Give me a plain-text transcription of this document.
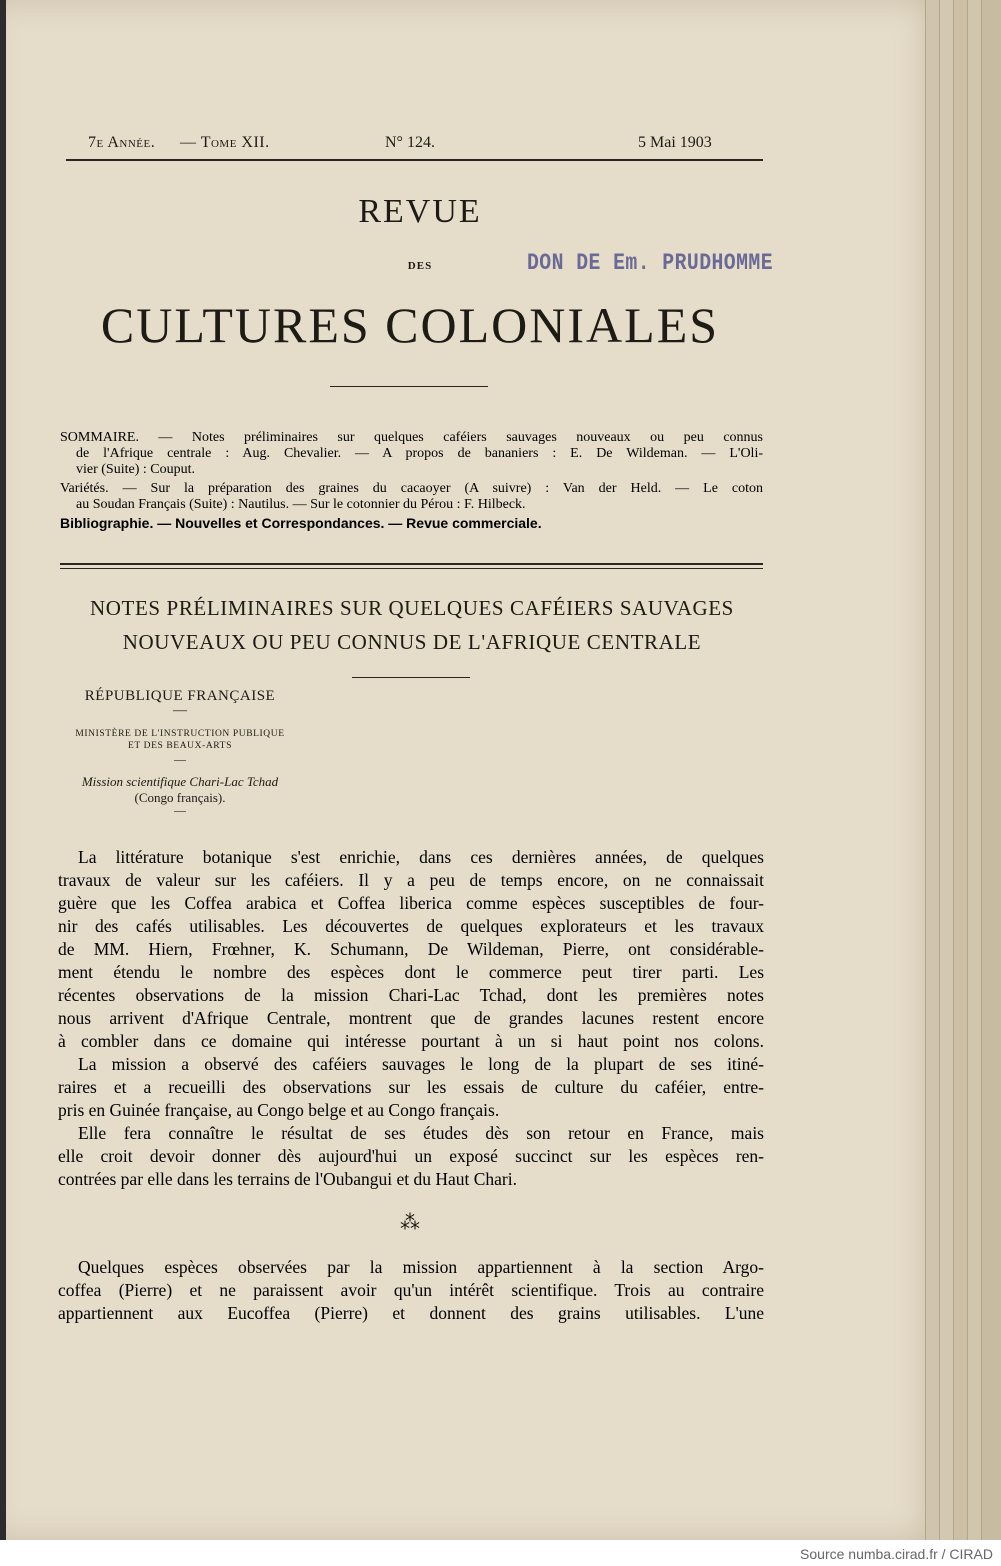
7e Année. — Tome XII.	N° 124.	5 Mai 1903
REVUE
DES
CULTURES COLONIALES
DON DE Em. PRUDHOMME
SOMMAIRE. — Notes préliminaires sur quelques caféiers sauvages nouveaux ou peu connus
de l'Afrique centrale : Aug. Chevalier. — A propos de bananiers : E. De Wildeman. — L'Oli-
vier (Suite) : Couput.
Variétés. — Sur la préparation des graines du cacaoyer (A suivre) : Van der Held. — Le coton
au Soudan Français (Suite) : Nautilus. — Sur le cotonnier du Pérou : F. Hilbeck.
Bibliographie. — Nouvelles et Correspondances. — Revue commerciale.
NOTES PRÉLIMINAIRES SUR QUELQUES CAFÉIERS SAUVAGES
NOUVEAUX OU PEU CONNUS DE L'AFRIQUE CENTRALE
RÉPUBLIQUE FRANÇAISE
—
MINISTÈRE DE L'INSTRUCTION PUBLIQUE
ET DES BEAUX-ARTS
—
Mission scientifique Chari-Lac Tchad
(Congo français).
—
La littérature botanique s'est enrichie, dans ces dernières années, de quelques
travaux de valeur sur les caféiers. Il y a peu de temps encore, on ne connaissait
guère que les Coffea arabica et Coffea liberica comme espèces susceptibles de four-
nir des cafés utilisables. Les découvertes de quelques explorateurs et les travaux
de MM. Hiern, Frœhner, K. Schumann, De Wildeman, Pierre, ont considérable-
ment étendu le nombre des espèces dont le commerce peut tirer parti. Les
récentes observations de la mission Chari-Lac Tchad, dont les premières notes
nous arrivent d'Afrique Centrale, montrent que de grandes lacunes restent encore
à combler dans ce domaine qui intéresse pourtant à un si haut point nos colons.
La mission a observé des caféiers sauvages le long de la plupart de ses itiné-
raires et a recueilli des observations sur les essais de culture du caféier, entre-
pris en Guinée française, au Congo belge et au Congo français.
Elle fera connaître le résultat de ses études dès son retour en France, mais
elle croit devoir donner dès aujourd'hui un exposé succinct sur les espèces ren-
contrées par elle dans les terrains de l'Oubangui et du Haut Chari.
⁂
Quelques espèces observées par la mission appartiennent à la section Argo-
coffea (Pierre) et ne paraissent avoir qu'un intérêt scientifique. Trois au contraire
appartiennent aux Eucoffea (Pierre) et donnent des grains utilisables. L'une
Source numba.cirad.fr / CIRAD
